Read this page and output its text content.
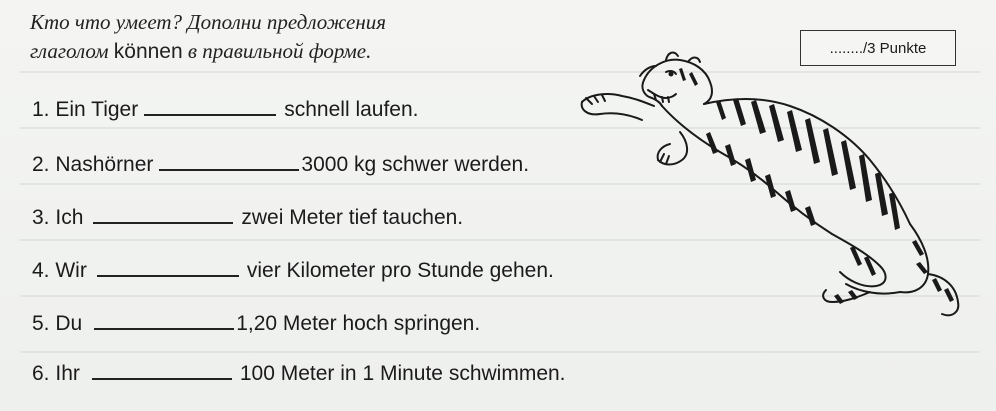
Кто что умеет? Дополни предложения
глаголом können в правильной форме.	......../3 Punkte
1.
Ein Tiger	schnell laufen.
2.
Nashörner	3000 kg schwer werden.
3.
Ich	zwei Meter tief tauchen.
4.
Wir	vier Kilometer pro Stunde gehen.
5.
Du	1,20 Meter hoch springen.
6.
Ihr	100 Meter in 1 Minute schwimmen.
